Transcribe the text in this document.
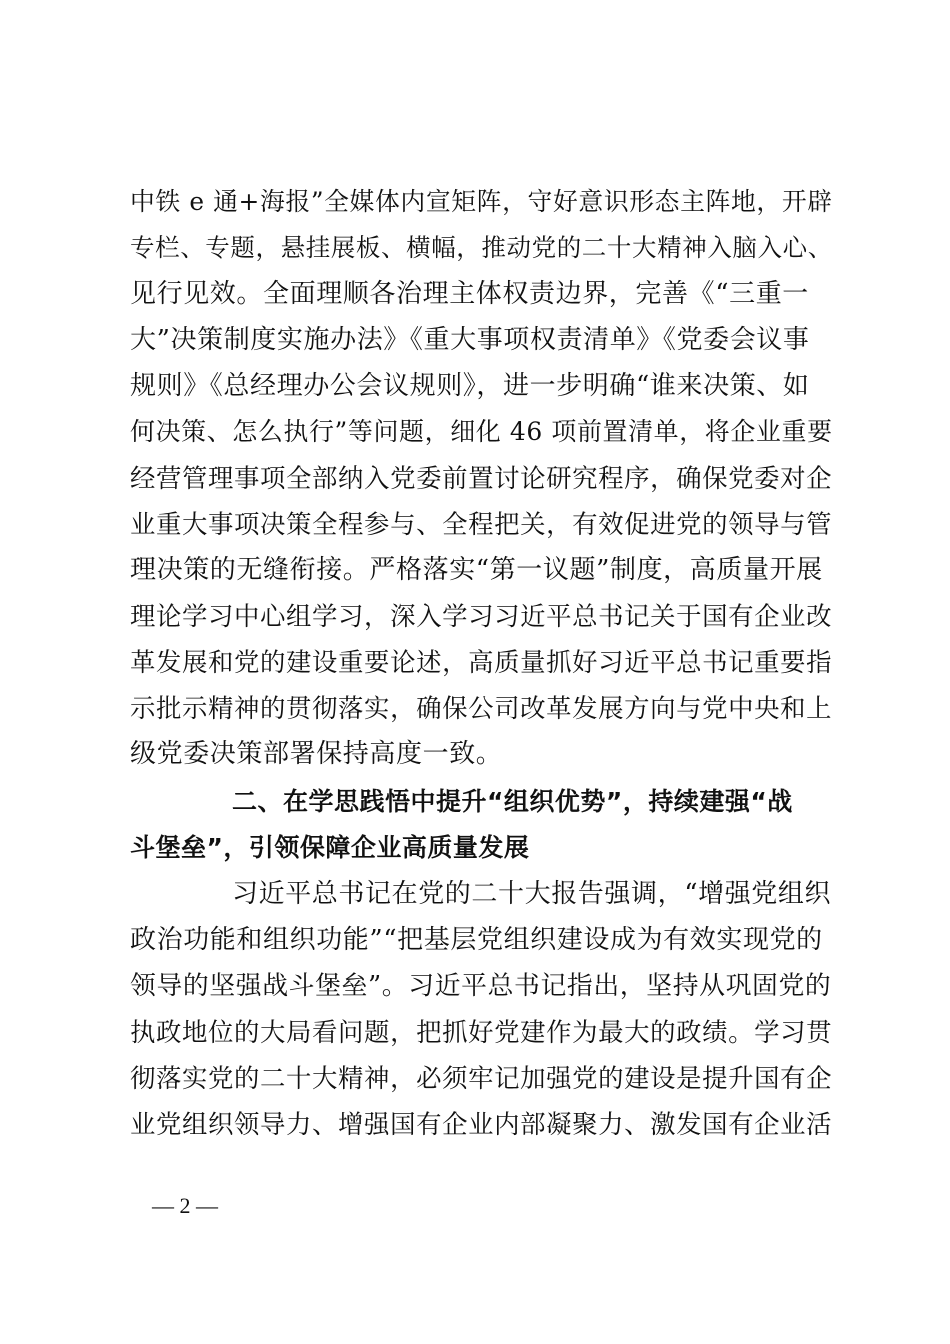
中铁 e 通+海报”全媒体内宣矩阵，守好意识形态主阵地，开辟
专栏、专题，悬挂展板、横幅，推动党的二十大精神入脑入心、
见行见效。全面理顺各治理主体权责边界，完善《“三重一
大”决策制度实施办法》《重大事项权责清单》《党委会议事
规则》《总经理办公会议规则》，进一步明确“谁来决策、如
何决策、怎么执行”等问题，细化 46 项前置清单，将企业重要
经营管理事项全部纳入党委前置讨论研究程序，确保党委对企
业重大事项决策全程参与、全程把关，有效促进党的领导与管
理决策的无缝衔接。严格落实“第一议题”制度，高质量开展
理论学习中心组学习，深入学习习近平总书记关于国有企业改
革发展和党的建设重要论述，高质量抓好习近平总书记重要指
示批示精神的贯彻落实，确保公司改革发展方向与党中央和上
级党委决策部署保持高度一致。
二、在学思践悟中提升“组织优势”，持续建强“战
斗堡垒”，引领保障企业高质量发展
习近平总书记在党的二十大报告强调，“增强党组织
政治功能和组织功能”“把基层党组织建设成为有效实现党的
领导的坚强战斗堡垒”。习近平总书记指出，坚持从巩固党的
执政地位的大局看问题，把抓好党建作为最大的政绩。学习贯
彻落实党的二十大精神，必须牢记加强党的建设是提升国有企
业党组织领导力、增强国有企业内部凝聚力、激发国有企业活
— 2 —
